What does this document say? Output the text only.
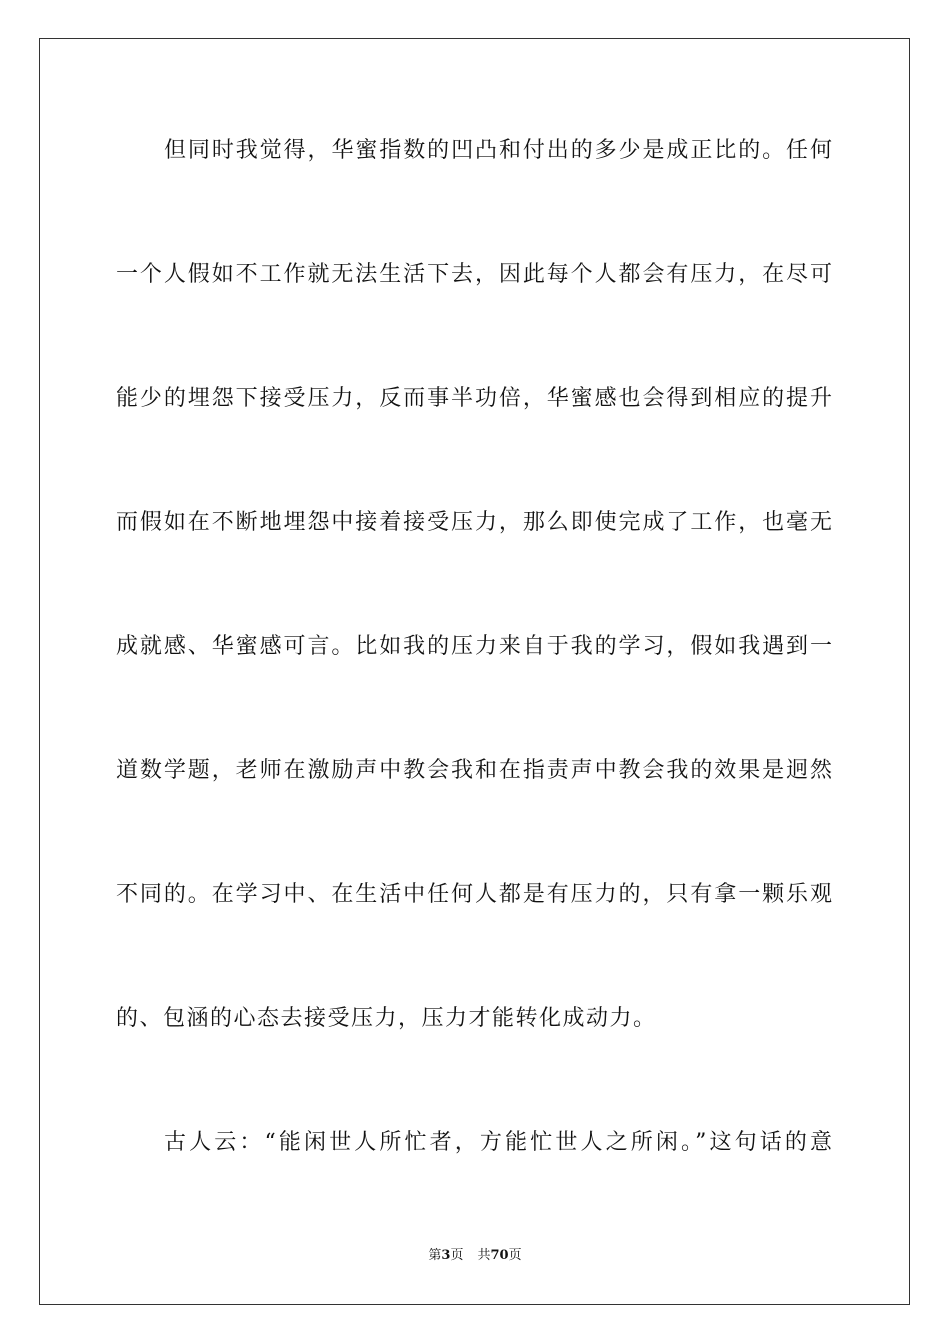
但同时我觉得，华蜜指数的凹凸和付出的多少是成正比的。任何
一个人假如不工作就无法生活下去，因此每个人都会有压力，在尽可
能少的埋怨下接受压力，反而事半功倍，华蜜感也会得到相应的提升
而假如在不断地埋怨中接着接受压力，那么即使完成了工作，也毫无
成就感、华蜜感可言。比如我的压力来自于我的学习，假如我遇到一
道数学题，老师在激励声中教会我和在指责声中教会我的效果是迥然
不同的。在学习中、在生活中任何人都是有压力的，只有拿一颗乐观
的、包涵的心态去接受压力，压力才能转化成动力。
古人云：“能闲世人所忙者，方能忙世人之所闲。”这句话的意
第3页 共70页
